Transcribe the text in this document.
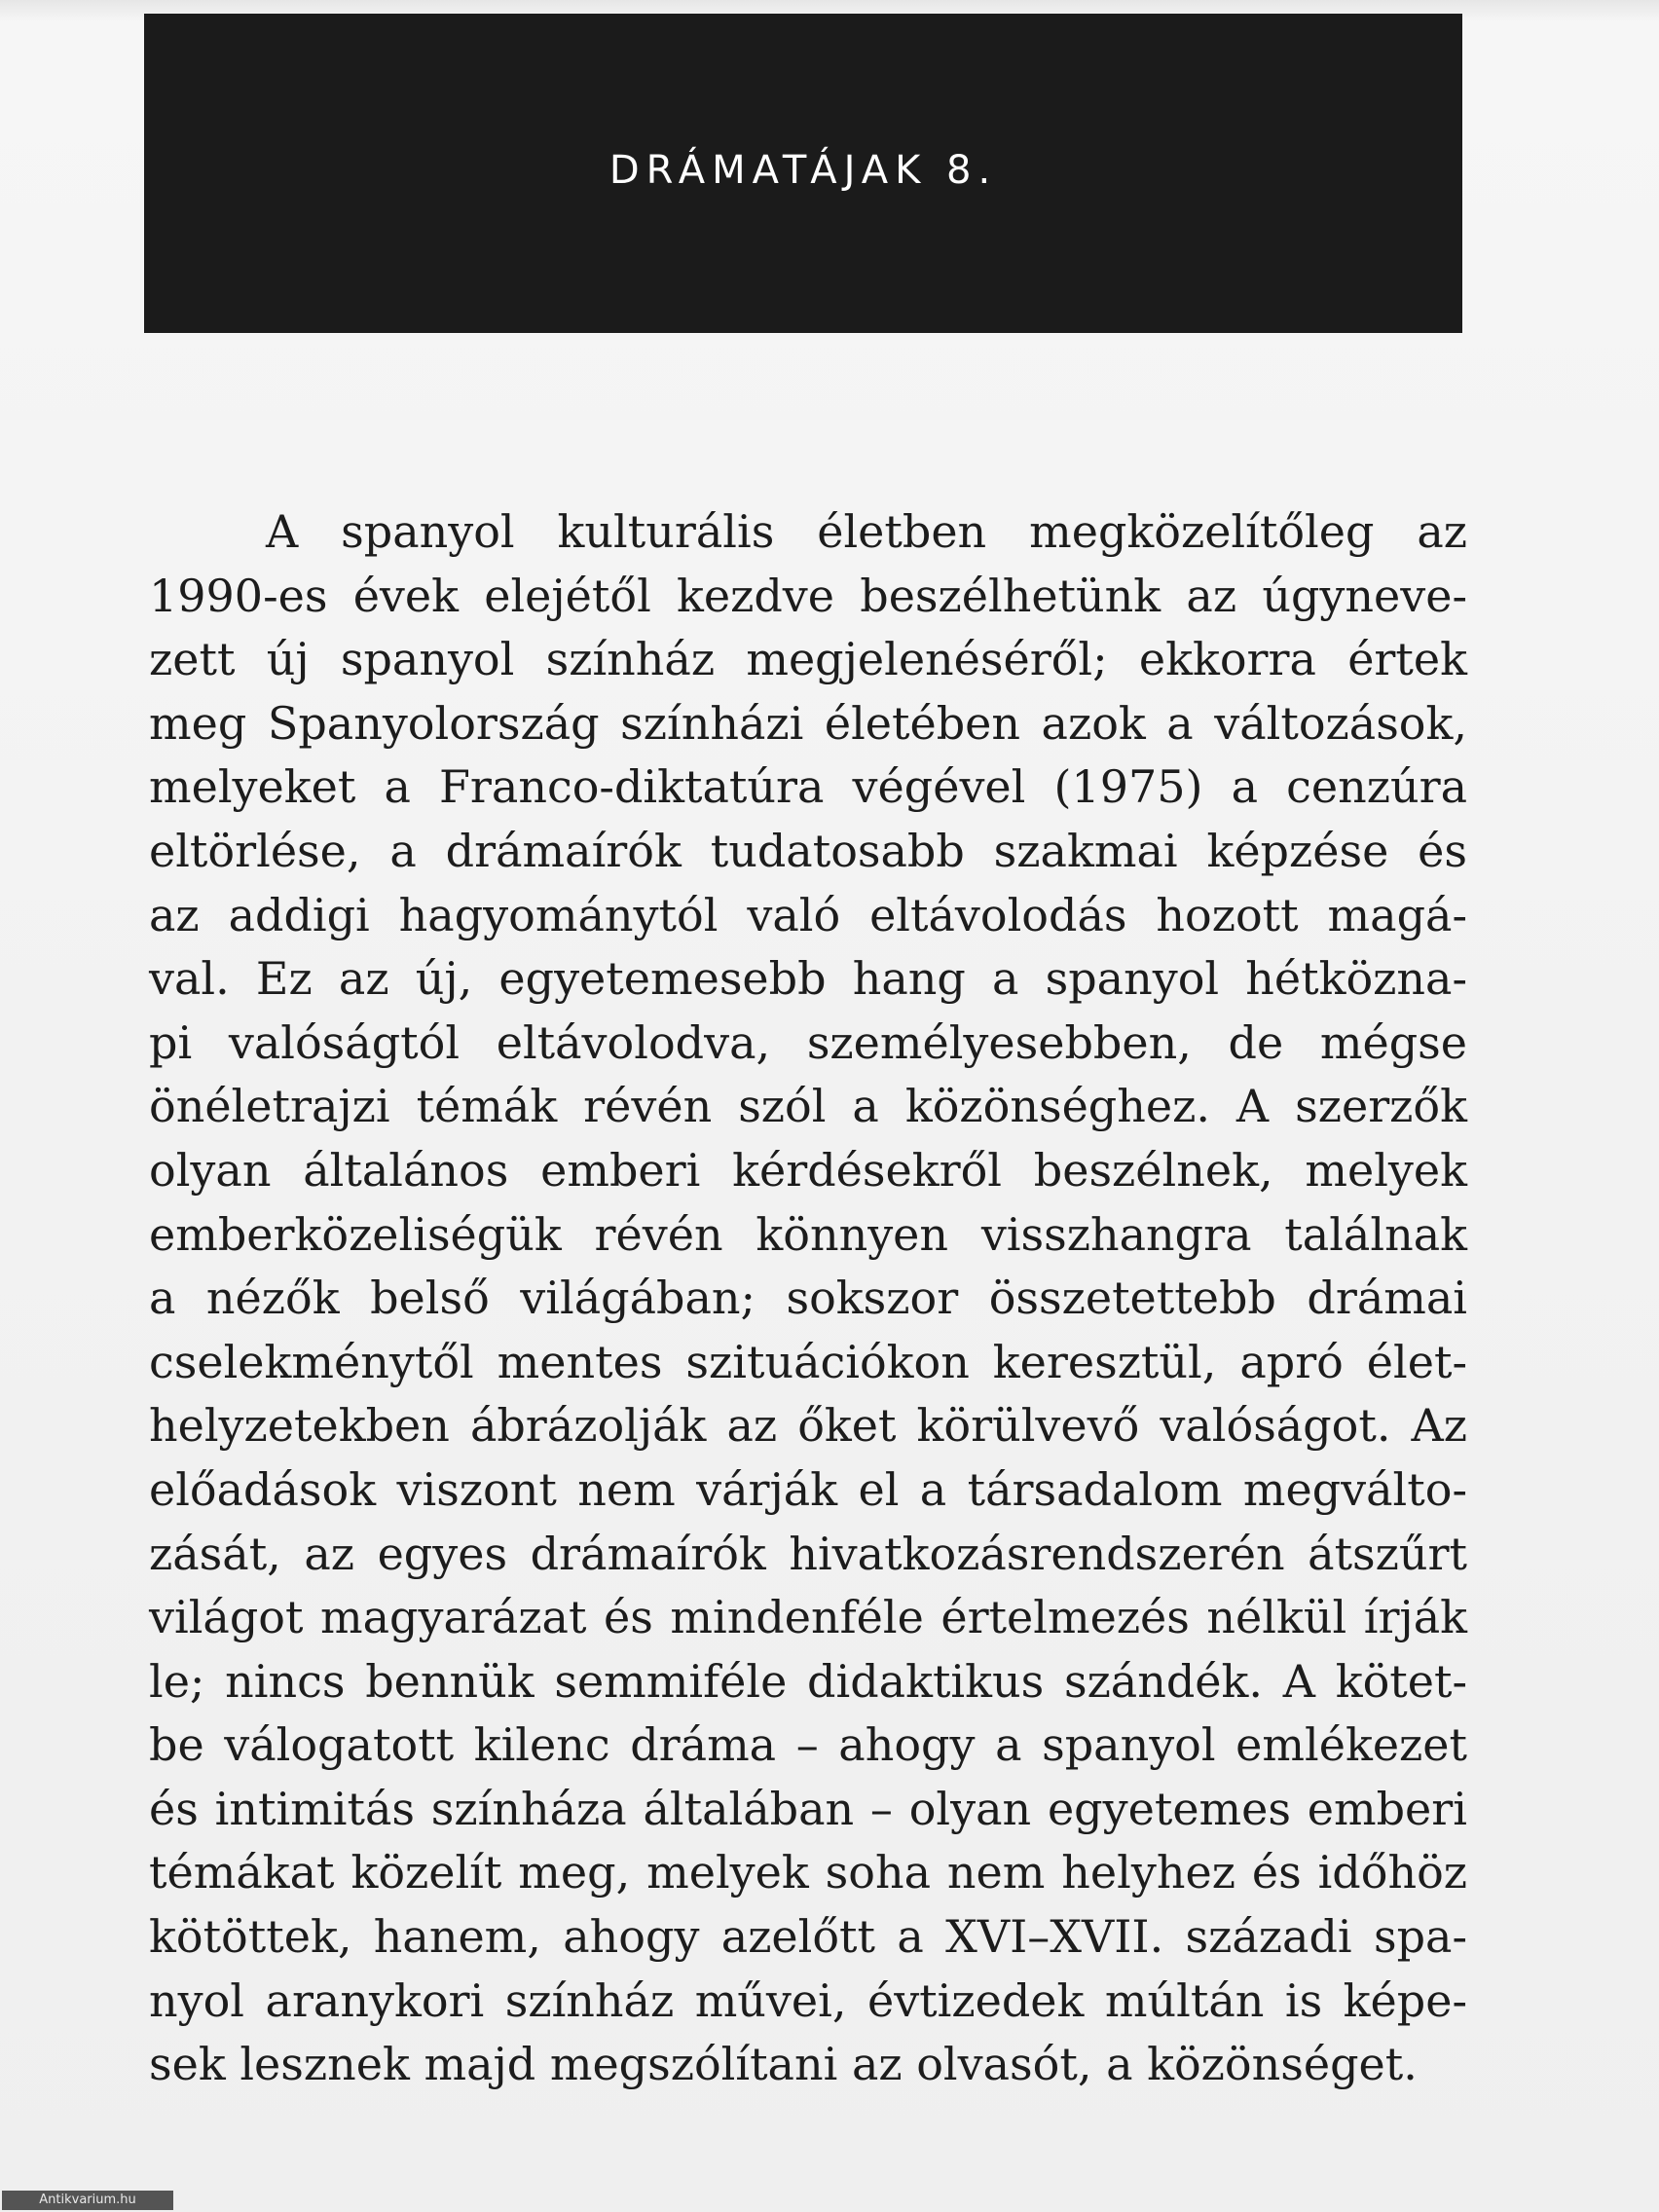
DRÁMATÁJAK 8.
A spanyol kulturális életben megközelítőleg az
1990-es évek elejétől kezdve beszélhetünk az úgyneve-
zett új spanyol színház megjelenéséről; ekkorra értek
meg Spanyolország színházi életében azok a változások,
melyeket a Franco-diktatúra végével (1975) a cenzúra
eltörlése, a drámaírók tudatosabb szakmai képzése és
az addigi hagyománytól való eltávolodás hozott magá-
val. Ez az új, egyetemesebb hang a spanyol hétközna-
pi valóságtól eltávolodva, személyesebben, de mégse
önéletrajzi témák révén szól a közönséghez. A szerzők
olyan általános emberi kérdésekről beszélnek, melyek
emberközeliségük révén könnyen visszhangra találnak
a nézők belső világában; sokszor összetettebb drámai
cselekménytől mentes szituációkon keresztül, apró élet-
helyzetekben ábrázolják az őket körülvevő valóságot. Az
előadások viszont nem várják el a társadalom megválto-
zását, az egyes drámaírók hivatkozásrendszerén átszűrt
világot magyarázat és mindenféle értelmezés nélkül írják
le; nincs bennük semmiféle didaktikus szándék. A kötet-
be válogatott kilenc dráma – ahogy a spanyol emlékezet
és intimitás színháza általában – olyan egyetemes emberi
témákat közelít meg, melyek soha nem helyhez és időhöz
kötöttek, hanem, ahogy azelőtt a XVI–XVII. századi spa-
nyol aranykori színház művei, évtizedek múltán is képe-
sek lesznek majd megszólítani az olvasót, a közönséget.
Antikvarium.hu
